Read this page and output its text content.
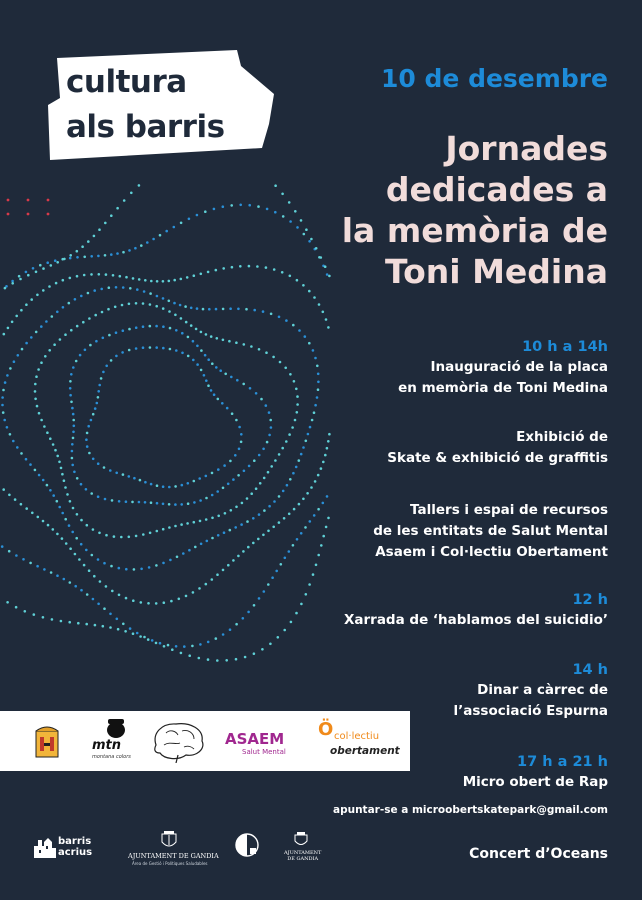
cultura
als barris
10 de desembre
Jornades
dedicades a
la memòria de
Toni Medina
10 h a 14h
Inauguració de la placa
en memòria de Toni Medina
Exhibició de
Skate & exhibició de graffitis
Tallers i espai de recursos
de les entitats de Salut Mental
Asaem i Col·lectiu Obertament
12 h
Xarrada de ‘hablamos del suicidio’
14 h
Dinar a càrrec de
l’associació Espurna
17 h a 21 h
Micro obert de Rap
apuntar-se a microobertskatepark@gmail.com
Concert d’Oceans
mtn
montana colors
ASAEM
Salut Mental
Ö col·lectiu
obertament
barris
acrius	AJUNTAMENT DE GANDIA
Àrea de Gestió i Polítiques Saludables
AJUNTAMENT
DE GANDIA
